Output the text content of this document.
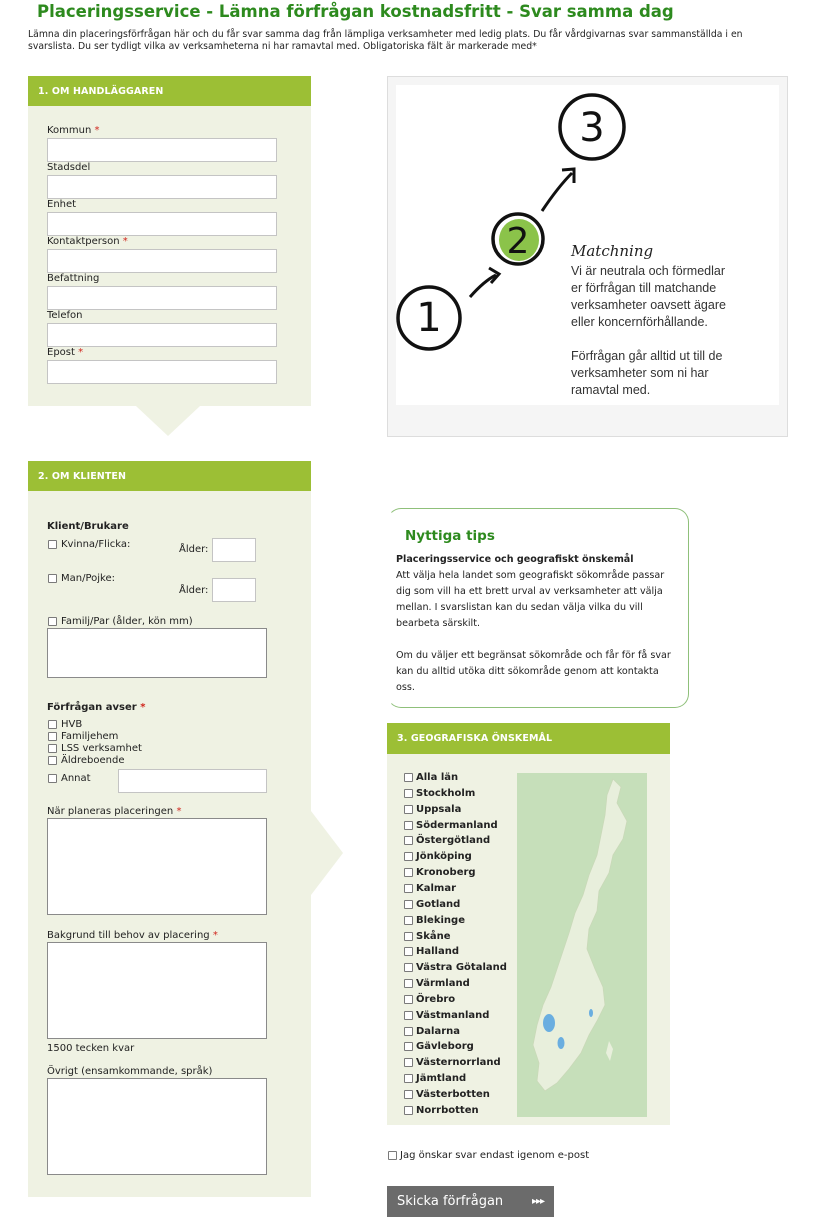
Placeringsservice - Lämna förfrågan kostnadsfritt - Svar samma dag
Lämna din placeringsförfrågan här och du får svar samma dag från lämpliga verksamheter med ledig plats. Du får vårdgivarnas svar sammanställda i en svarslista. Du ser tydligt vilka av verksamheterna ni har ramavtal med. Obligatoriska fält är markerade med*
1. OM HANDLÄGGAREN
Kommun *
Stadsdel
Enhet
Kontaktperson *
Befattning
Telefon
Epost *
1
2
3
Matchning
Vi är neutrala och förmedlar er förfrågan till matchande verksamheter oavsett ägare eller koncernförhållande. Förfrågan går alltid ut till de verksamheter som ni har ramavtal med.
2. OM KLIENTEN
Klient/Brukare
Kvinna/Flicka:	Ålder:
Man/Pojke:
Ålder:
Familj/Par (ålder, kön mm)
Förfrågan avser *
HVB
Familjehem
LSS verksamhet
Äldreboende
Annat
När planeras placeringen *
Bakgrund till behov av placering *
1500 tecken kvar
Övrigt (ensamkommande, språk)
Nyttiga tips
Placeringsservice och geografiskt önskemål
Att välja hela landet som geografiskt sökområde passar
dig som vill ha ett brett urval av verksamheter att välja
mellan. I svarslistan kan du sedan välja vilka du vill
bearbeta särskilt.
Om du väljer ett begränsat sökområde och får för få svar
kan du alltid utöka ditt sökområde genom att kontakta
oss.
3. GEOGRAFISKA ÖNSKEMÅL
Alla län
Stockholm
Uppsala
Södermanland
Östergötland
Jönköping
Kronoberg
Kalmar
Gotland
Blekinge
Skåne
Halland
Västra Götaland
Värmland
Örebro
Västmanland
Dalarna
Gävleborg
Västernorrland
Jämtland
Västerbotten
Norrbotten
Jag önskar svar endast igenom e-post
Skicka förfrågan	▸▸▸
